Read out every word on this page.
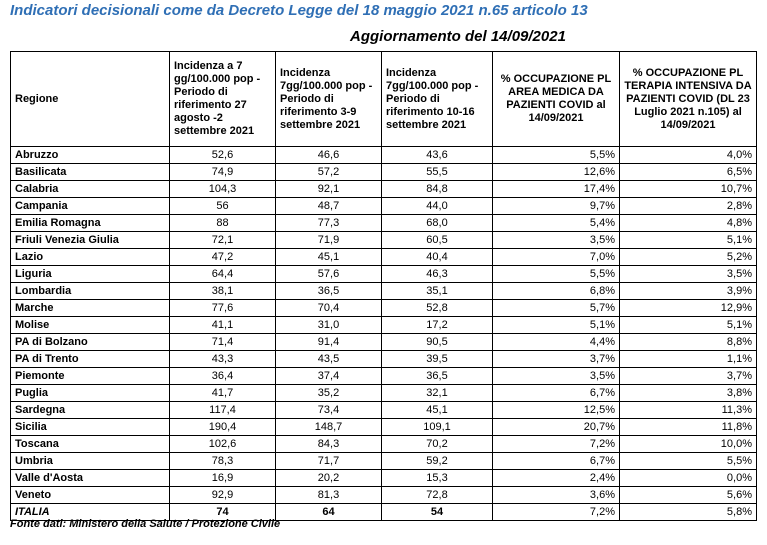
Indicatori decisionali come da Decreto Legge del 18 maggio 2021 n.65 articolo 13
Aggiornamento del 14/09/2021
Regione	Incidenza a 7 gg/100.000 pop - Periodo di riferimento 27 agosto -2 settembre 2021	Incidenza 7gg/100.000 pop - Periodo di riferimento 3-9 settembre 2021	Incidenza 7gg/100.000 pop - Periodo di riferimento 10-16 settembre 2021	% OCCUPAZIONE PL AREA MEDICA DA PAZIENTI COVID al 14/09/2021	% OCCUPAZIONE PL TERAPIA INTENSIVA DA PAZIENTI COVID (DL 23 Luglio 2021 n.105) al 14/09/2021
Abruzzo	52,6	46,6	43,6	5,5%	4,0%
Basilicata	74,9	57,2	55,5	12,6%	6,5%
Calabria	104,3	92,1	84,8	17,4%	10,7%
Campania	56	48,7	44,0	9,7%	2,8%
Emilia Romagna	88	77,3	68,0	5,4%	4,8%
Friuli Venezia Giulia	72,1	71,9	60,5	3,5%	5,1%
Lazio	47,2	45,1	40,4	7,0%	5,2%
Liguria	64,4	57,6	46,3	5,5%	3,5%
Lombardia	38,1	36,5	35,1	6,8%	3,9%
Marche	77,6	70,4	52,8	5,7%	12,9%
Molise	41,1	31,0	17,2	5,1%	5,1%
PA di Bolzano	71,4	91,4	90,5	4,4%	8,8%
PA di Trento	43,3	43,5	39,5	3,7%	1,1%
Piemonte	36,4	37,4	36,5	3,5%	3,7%
Puglia	41,7	35,2	32,1	6,7%	3,8%
Sardegna	117,4	73,4	45,1	12,5%	11,3%
Sicilia	190,4	148,7	109,1	20,7%	11,8%
Toscana	102,6	84,3	70,2	7,2%	10,0%
Umbria	78,3	71,7	59,2	6,7%	5,5%
Valle d'Aosta	16,9	20,2	15,3	2,4%	0,0%
Veneto	92,9	81,3	72,8	3,6%	5,6%
ITALIA	74	64	54	7,2%	5,8%
Fonte dati: Ministero della Salute / Protezione Civile
